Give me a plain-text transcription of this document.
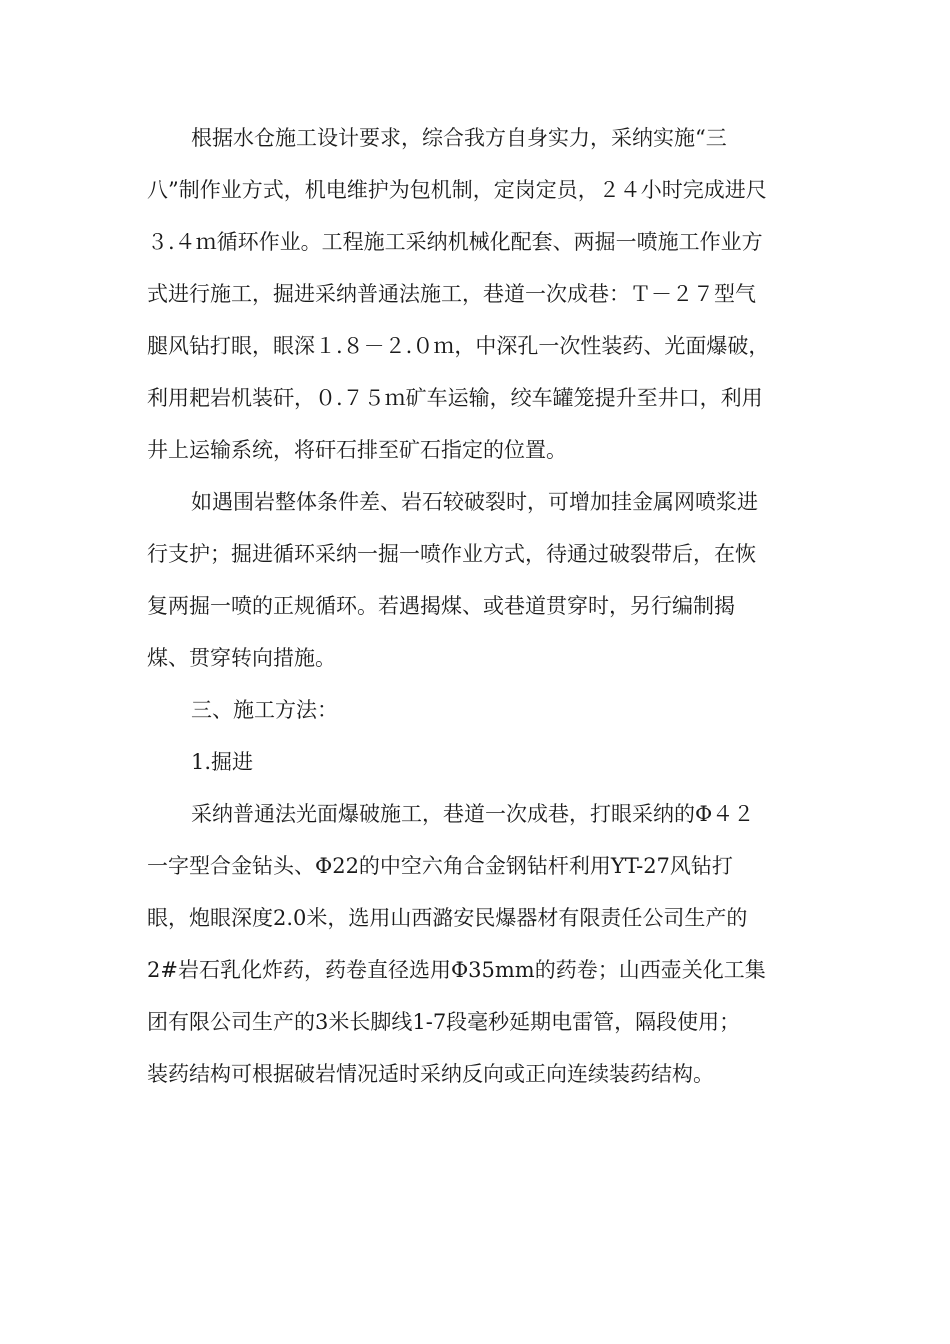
根据水仓施工设计要求，综合我方自身实力，采纳实施“三
八”制作业方式，机电维护为包机制，定岗定员，２４小时完成进尺
３.４ｍ循环作业。工程施工采纳机械化配套、两掘一喷施工作业方
式进行施工，掘进采纳普通法施工，巷道一次成巷：Ｔ－２７型气
腿风钻打眼，眼深１.８－２.０ｍ，中深孔一次性装药、光面爆破，
利用耙岩机装矸，０.７５ｍ矿车运输，绞车罐笼提升至井口，利用
井上运输系统，将矸石排至矿石指定的位置。
如遇围岩整体条件差、岩石较破裂时，可增加挂金属网喷浆进
行支护；掘进循环采纳一掘一喷作业方式，待通过破裂带后，在恢
复两掘一喷的正规循环。若遇揭煤、或巷道贯穿时，另行编制揭
煤、贯穿转向措施。
三、施工方法：
1.掘进
采纳普通法光面爆破施工，巷道一次成巷，打眼采纳的Φ４２
一字型合金钻头、Φ22的中空六角合金钢钻杆利用YT-27风钻打
眼，炮眼深度2.0米，选用山西潞安民爆器材有限责任公司生产的
2#岩石乳化炸药，药卷直径选用Φ35mm的药卷；山西壶关化工集
团有限公司生产的3米长脚线1-7段毫秒延期电雷管，隔段使用；
装药结构可根据破岩情况适时采纳反向或正向连续装药结构。
